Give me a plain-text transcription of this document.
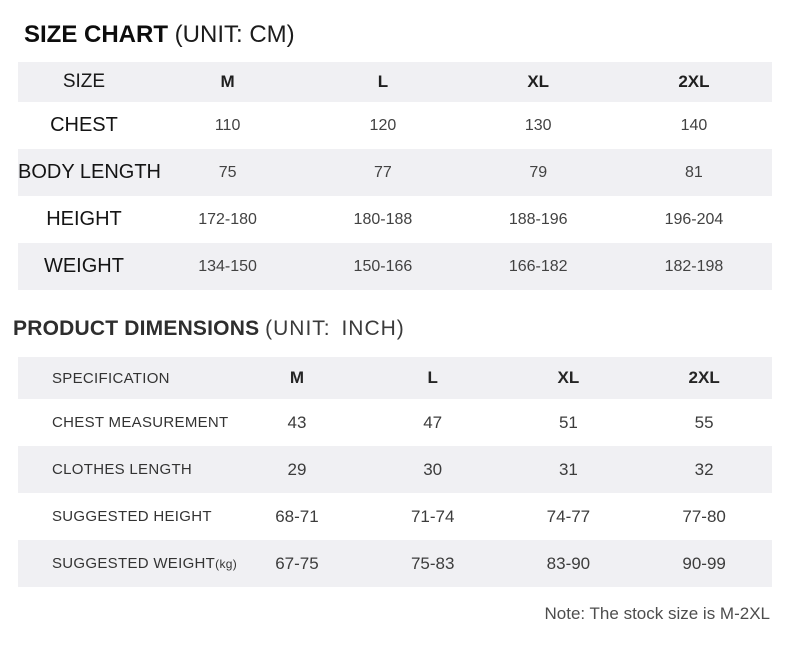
SIZE CHART (UNIT: CM)
SIZE	M	L	XL	2XL
CHEST	110	120	130	140
BODY LENGTH	75	77	79	81
HEIGHT	172-180	180-188	188-196	196-204
WEIGHT	134-150	150-166	166-182	182-198
PRODUCT DIMENSIONS (UNIT: INCH)
SPECIFICATION	M	L	XL	2XL
CHEST MEASUREMENT	43	47	51	55
CLOTHES LENGTH	29	30	31	32
SUGGESTED HEIGHT	68-71	71-74	74-77	77-80
SUGGESTED WEIGHT(kg)	67-75	75-83	83-90	90-99
Note: The stock size is M-2XL
